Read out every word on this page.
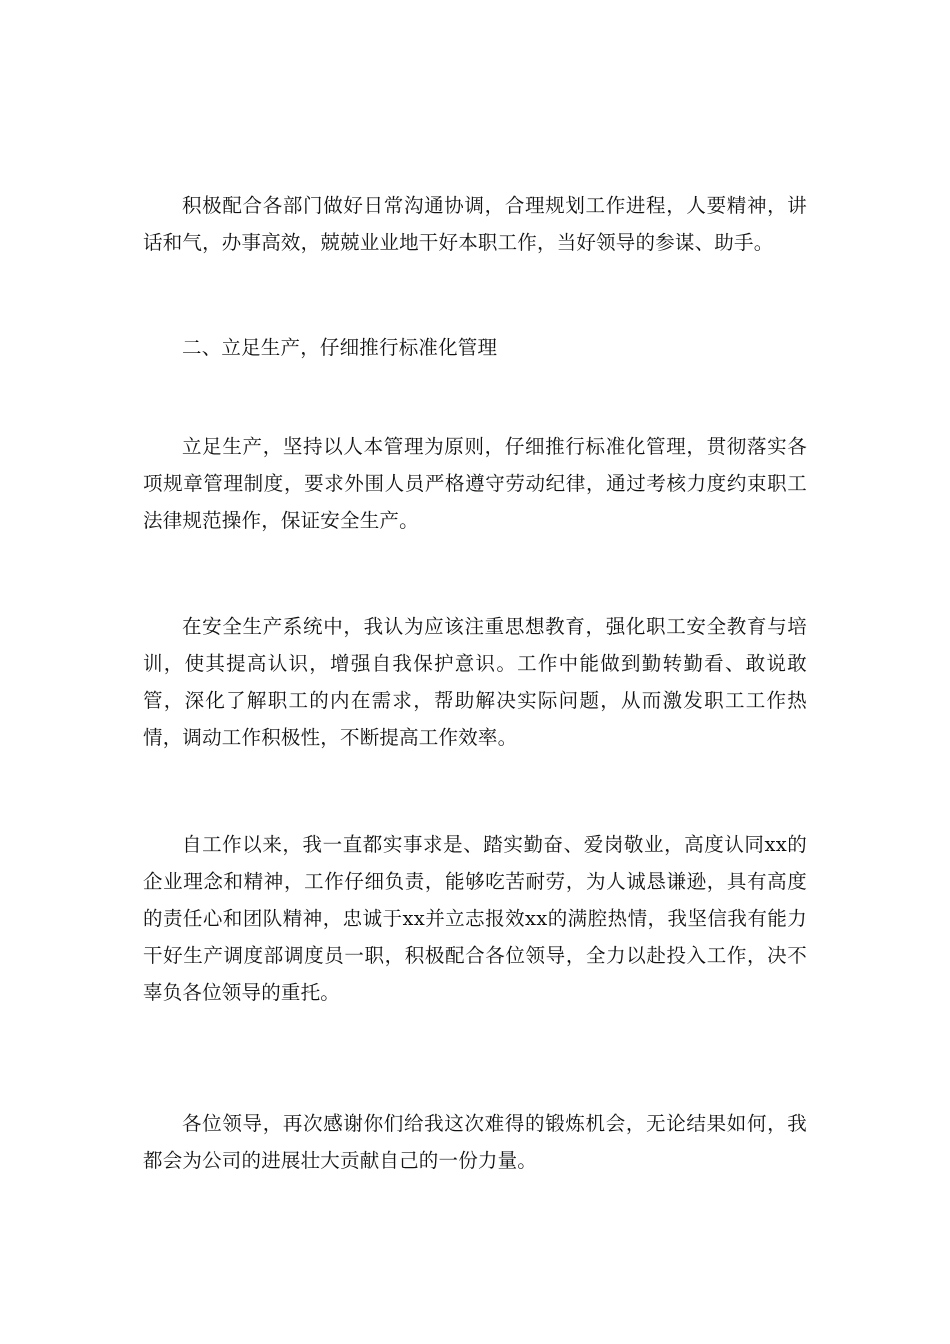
积极配合各部门做好日常沟通协调，合理规划工作进程，人要精神，讲话和气，办事高效，兢兢业业地干好本职工作，当好领导的参谋、助手。

二、立足生产，仔细推行标准化管理

立足生产，坚持以人本管理为原则，仔细推行标准化管理，贯彻落实各项规章管理制度，要求外围人员严格遵守劳动纪律，通过考核力度约束职工法律规范操作，保证安全生产。

在安全生产系统中，我认为应该注重思想教育，强化职工安全教育与培训，使其提高认识，增强自我保护意识。工作中能做到勤转勤看、敢说敢管，深化了解职工的内在需求，帮助解决实际问题，从而激发职工工作热情，调动工作积极性，不断提高工作效率。

自工作以来，我一直都实事求是、踏实勤奋、爱岗敬业，高度认同xx的企业理念和精神，工作仔细负责，能够吃苦耐劳，为人诚恳谦逊，具有高度的责任心和团队精神，忠诚于xx并立志报效xx的满腔热情，我坚信我有能力干好生产调度部调度员一职，积极配合各位领导，全力以赴投入工作，决不辜负各位领导的重托。

各位领导，再次感谢你们给我这次难得的锻炼机会，无论结果如何，我都会为公司的进展壮大贡献自己的一份力量。
